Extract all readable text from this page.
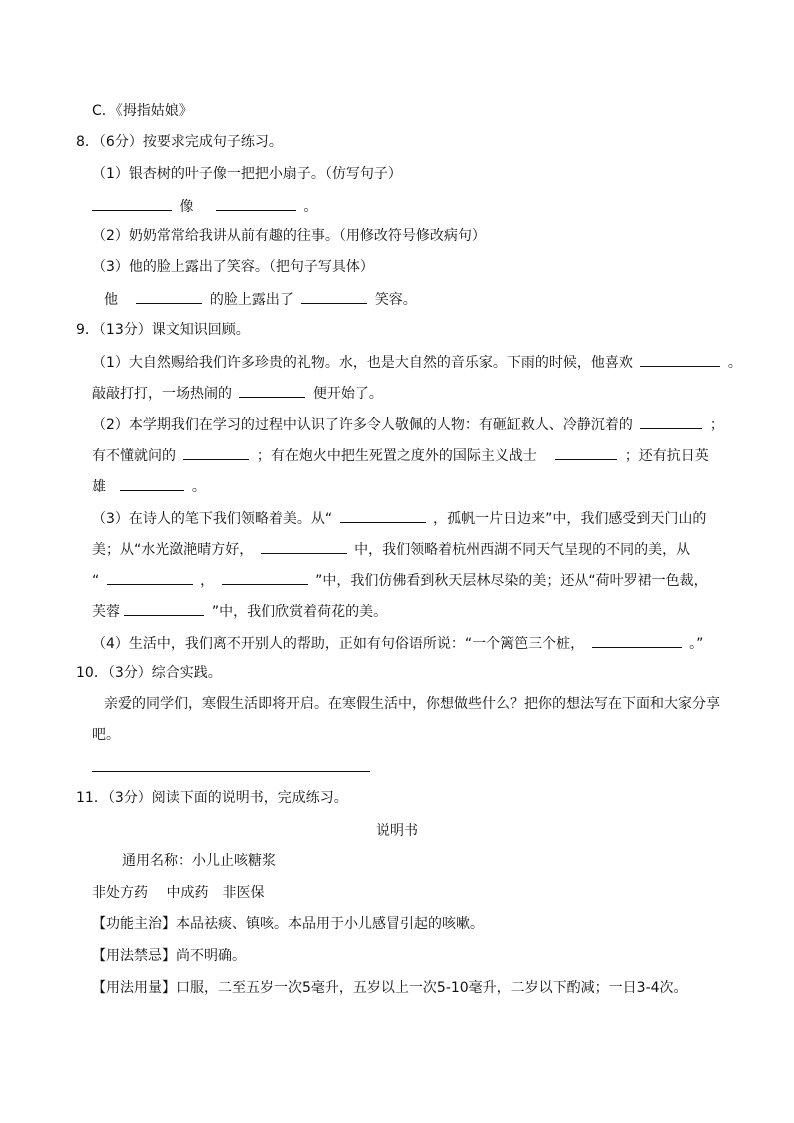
C．《拇指姑娘》
8．（6分）按要求完成句子练习。
（1）银杏树的叶子像一把把小扇子。（仿写句子）
像	。
（2）奶奶常常给我讲从前有趣的往事。（用修改符号修改病句）
（3）他的脸上露出了笑容。（把句子写具体）
他	的脸上露出了	笑容。
9．（13分）课文知识回顾。
（1）大自然赐给我们许多珍贵的礼物。水，也是大自然的音乐家。下雨的时候，他喜欢	。
敲敲打打，一场热闹的	便开始了。
（2）本学期我们在学习的过程中认识了许多令人敬佩的人物：有砸缸救人、冷静沉着的	；
有不懂就问的	；有在炮火中把生死置之度外的国际主义战士	；还有抗日英
雄	。
（3）在诗人的笔下我们领略着美。从“	，孤帆一片日边来”中，我们感受到天门山的
美；从“水光潋滟晴方好，	中，我们领略着杭州西湖不同天气呈现的不同的美，从
“	，	”中，我们仿佛看到秋天层林尽染的美；还从“荷叶罗裙一色裁，
芙蓉	”中，我们欣赏着荷花的美。
（4）生活中，我们离不开别人的帮助，正如有句俗语所说：“一个篱笆三个桩，	。”
10．（3分）综合实践。
亲爱的同学们，寒假生活即将开启。在寒假生活中，你想做些什么？把你的想法写在下面和大家分享
吧。
11．（3分）阅读下面的说明书，完成练习。
说明书
通用名称：小儿止咳糖浆
非处方药　 中成药　非医保
【功能主治】本品祛痰、镇咳。本品用于小儿感冒引起的咳嗽。
【用法禁忌】尚不明确。
【用法用量】口服，二至五岁一次5毫升，五岁以上一次5-10毫升，二岁以下酌减；一日3-4次。
